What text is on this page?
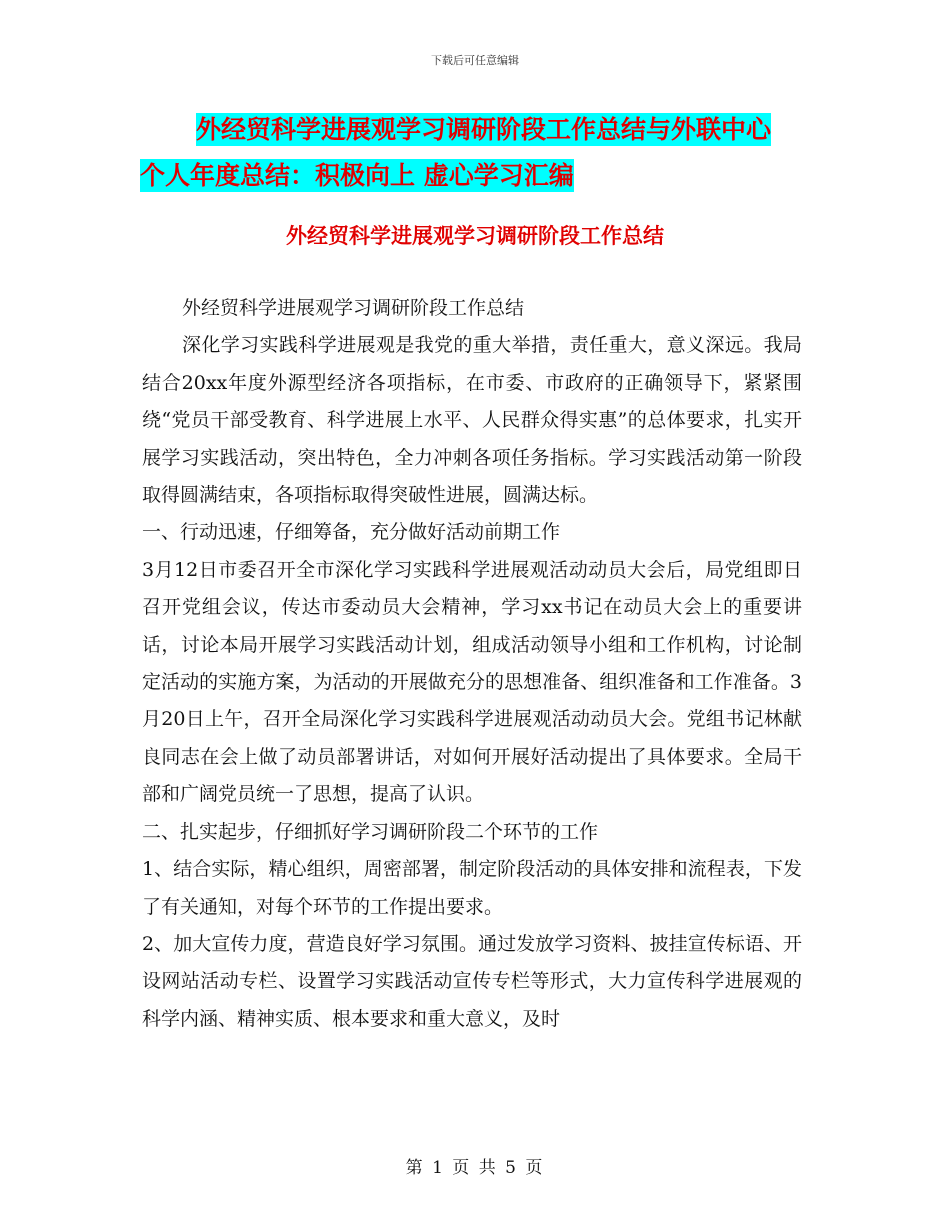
下载后可任意编辑
外经贸科学进展观学习调研阶段工作总结与外联中心
个人年度总结：积极向上 虚心学习汇编
外经贸科学进展观学习调研阶段工作总结

外经贸科学进展观学习调研阶段工作总结

深化学习实践科学进展观是我党的重大举措，责任重大，意义深远。我局结合20xx年度外源型经济各项指标，在市委、市政府的正确领导下，紧紧围绕“党员干部受教育、科学进展上水平、人民群众得实惠”的总体要求，扎实开展学习实践活动，突出特色，全力冲刺各项任务指标。学习实践活动第一阶段取得圆满结束，各项指标取得突破性进展，圆满达标。

一、行动迅速，仔细筹备，充分做好活动前期工作

3月12日市委召开全市深化学习实践科学进展观活动动员大会后，局党组即日召开党组会议，传达市委动员大会精神，学习xx书记在动员大会上的重要讲话，讨论本局开展学习实践活动计划，组成活动领导小组和工作机构，讨论制定活动的实施方案，为活动的开展做充分的思想准备、组织准备和工作准备。3月20日上午，召开全局深化学习实践科学进展观活动动员大会。党组书记林献良同志在会上做了动员部署讲话，对如何开展好活动提出了具体要求。全局干部和广阔党员统一了思想，提高了认识。

二、扎实起步，仔细抓好学习调研阶段二个环节的工作

1、结合实际，精心组织，周密部署，制定阶段活动的具体安排和流程表，下发了有关通知，对每个环节的工作提出要求。

2、加大宣传力度，营造良好学习氛围。通过发放学习资料、披挂宣传标语、开设网站活动专栏、设置学习实践活动宣传专栏等形式，大力宣传科学进展观的科学内涵、精神实质、根本要求和重大意义，及时

第 1 页 共 5 页
